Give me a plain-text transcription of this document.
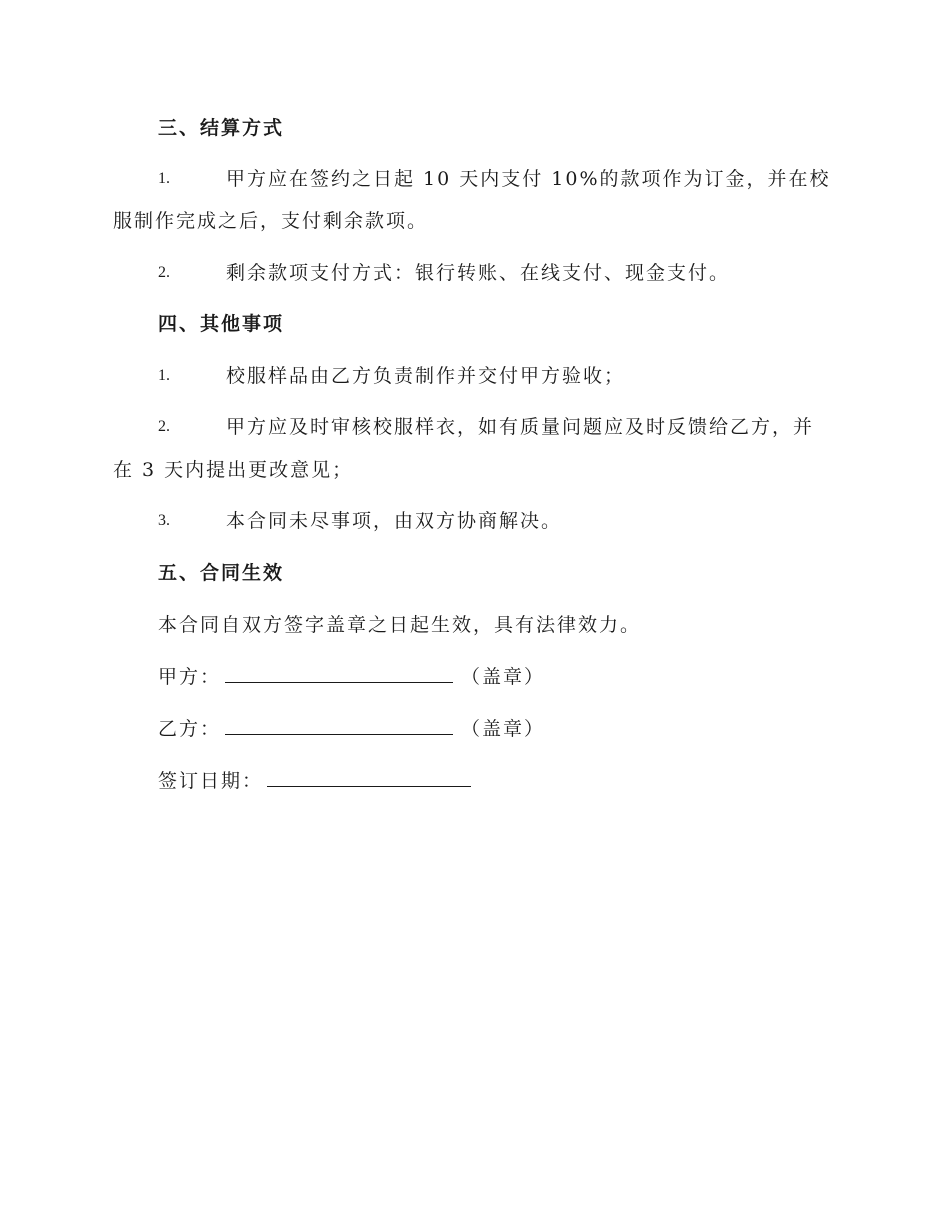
三、结算方式
1.	甲方应在签约之日起 10 天内支付 10%的款项作为订金，并在校
服制作完成之后，支付剩余款项。
2.	剩余款项支付方式：银行转账、在线支付、现金支付。
四、其他事项
1.	校服样品由乙方负责制作并交付甲方验收；
2.	甲方应及时审核校服样衣，如有质量问题应及时反馈给乙方，并
在 3 天内提出更改意见；
3.	本合同未尽事项，由双方协商解决。
五、合同生效
本合同自双方签字盖章之日起生效，具有法律效力。
甲方：	（盖章）
乙方：	（盖章）
签订日期：
